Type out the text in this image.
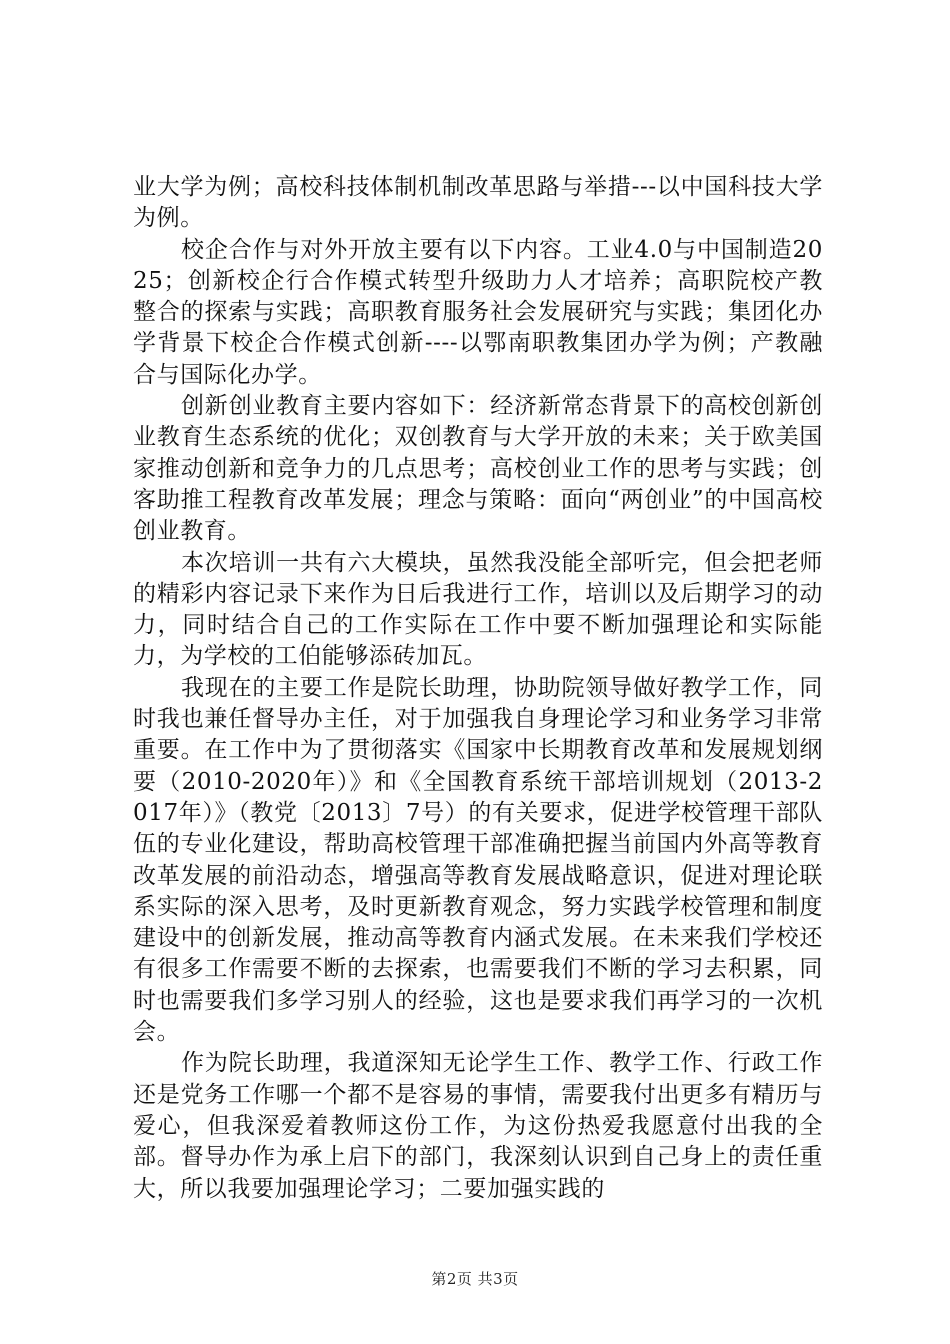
业大学为例；高校科技体制机制改革思路与举措---以中国科技大学为例。

校企合作与对外开放主要有以下内容。工业4.0与中国制造2025；创新校企行合作模式转型升级助力人才培养；高职院校产教整合的探索与实践；高职教育服务社会发展研究与实践；集团化办学背景下校企合作模式创新----以鄂南职教集团办学为例；产教融合与国际化办学。

创新创业教育主要内容如下：经济新常态背景下的高校创新创业教育生态系统的优化；双创教育与大学开放的未来；关于欧美国家推动创新和竞争力的几点思考；高校创业工作的思考与实践；创客助推工程教育改革发展；理念与策略：面向“两创业”的中国高校创业教育。

本次培训一共有六大模块，虽然我没能全部听完，但会把老师的精彩内容记录下来作为日后我进行工作，培训以及后期学习的动力，同时结合自己的工作实际在工作中要不断加强理论和实际能力，为学校的工伯能够添砖加瓦。

我现在的主要工作是院长助理，协助院领导做好教学工作，同时我也兼任督导办主任，对于加强我自身理论学习和业务学习非常重要。在工作中为了贯彻落实《国家中长期教育改革和发展规划纲要（2010-2020年）》和《全国教育系统干部培训规划（2013-2017年）》（教党〔2013〕7号）的有关要求，促进学校管理干部队伍的专业化建设，帮助高校管理干部准确把握当前国内外高等教育改革发展的前沿动态，增强高等教育发展战略意识，促进对理论联系实际的深入思考，及时更新教育观念，努力实践学校管理和制度建设中的创新发展，推动高等教育内涵式发展。在未来我们学校还有很多工作需要不断的去探索，也需要我们不断的学习去积累，同时也需要我们多学习别人的经验，这也是要求我们再学习的一次机会。

作为院长助理，我道深知无论学生工作、教学工作、行政工作还是党务工作哪一个都不是容易的事情，需要我付出更多有精历与爱心，但我深爱着教师这份工作，为这份热爱我愿意付出我的全部。督导办作为承上启下的部门，我深刻认识到自己身上的责任重大，所以我要加强理论学习；二要加强实践的

第2页 共3页
